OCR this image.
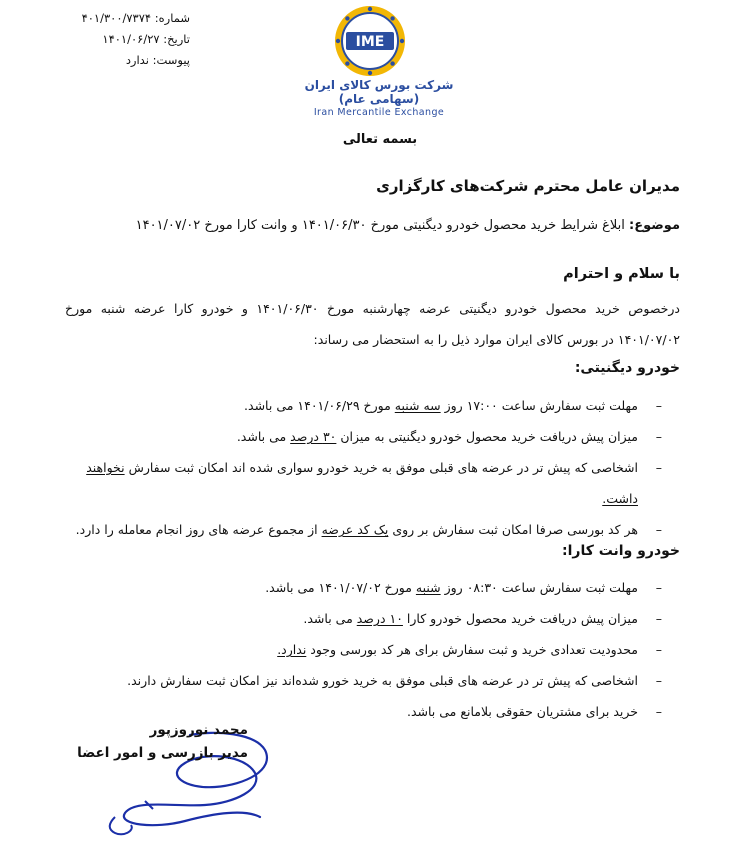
شماره: ۴۰۱/۳۰۰/۷۳۷۴
تاریخ: ۱۴۰۱/۰۶/۲۷
پیوست: ندارد
IME
شرکت بورس کالای ایران (سهامی عام)
Iran Mercantile Exchange
بسمه تعالی
مدیران عامل محترم شرکت‌های کارگزاری
موضوع: ابلاغ شرایط خرید محصول خودرو دیگنیتی مورخ ۱۴۰۱/۰۶/۳۰ و وانت کارا مورخ ۱۴۰۱/۰۷/۰۲
با سلام و احترام
درخصوص خرید محصول خودرو دیگنیتی عرضه چهارشنبه مورخ ۱۴۰۱/۰۶/۳۰ و خودرو کارا عرضه شنبه مورخ ۱۴۰۱/۰۷/۰۲ در بورس کالای ایران موارد ذیل را به استحضار می رساند:
خودرو دیگنیتی:
–
مهلت ثبت سفارش ساعت ۱۷:۰۰ روز سه شنبه مورخ ۱۴۰۱/۰۶/۲۹ می باشد.
–
میزان پیش دریافت خرید محصول خودرو دیگنیتی به میزان ۳۰ درصد می باشد.
–
اشخاصی که پیش تر در عرضه های قبلی موفق به خرید خودرو سواری شده اند امکان ثبت سفارش نخواهند داشت.
–
هر کد بورسی صرفا امکان ثبت سفارش بر روی یک کد عرضه از مجموع عرضه های روز انجام معامله را دارد.
خودرو وانت کارا:
–
مهلت ثبت سفارش ساعت ۰۸:۳۰ روز شنبه مورخ ۱۴۰۱/۰۷/۰۲ می باشد.
–
میزان پیش دریافت خرید محصول خودرو کارا ۱۰ درصد می باشد.
–
محدودیت تعدادی خرید و ثبت سفارش برای هر کد بورسی وجود ندارد.
–
اشخاصی که پیش تر در عرضه های قبلی موفق به خرید خورو شده‌اند نیز امکان ثبت سفارش دارند.
–
خرید برای مشتریان حقوقی بلامانع می باشد.
محمد نوروزپور
مدیر بازرسی و امور اعضا
